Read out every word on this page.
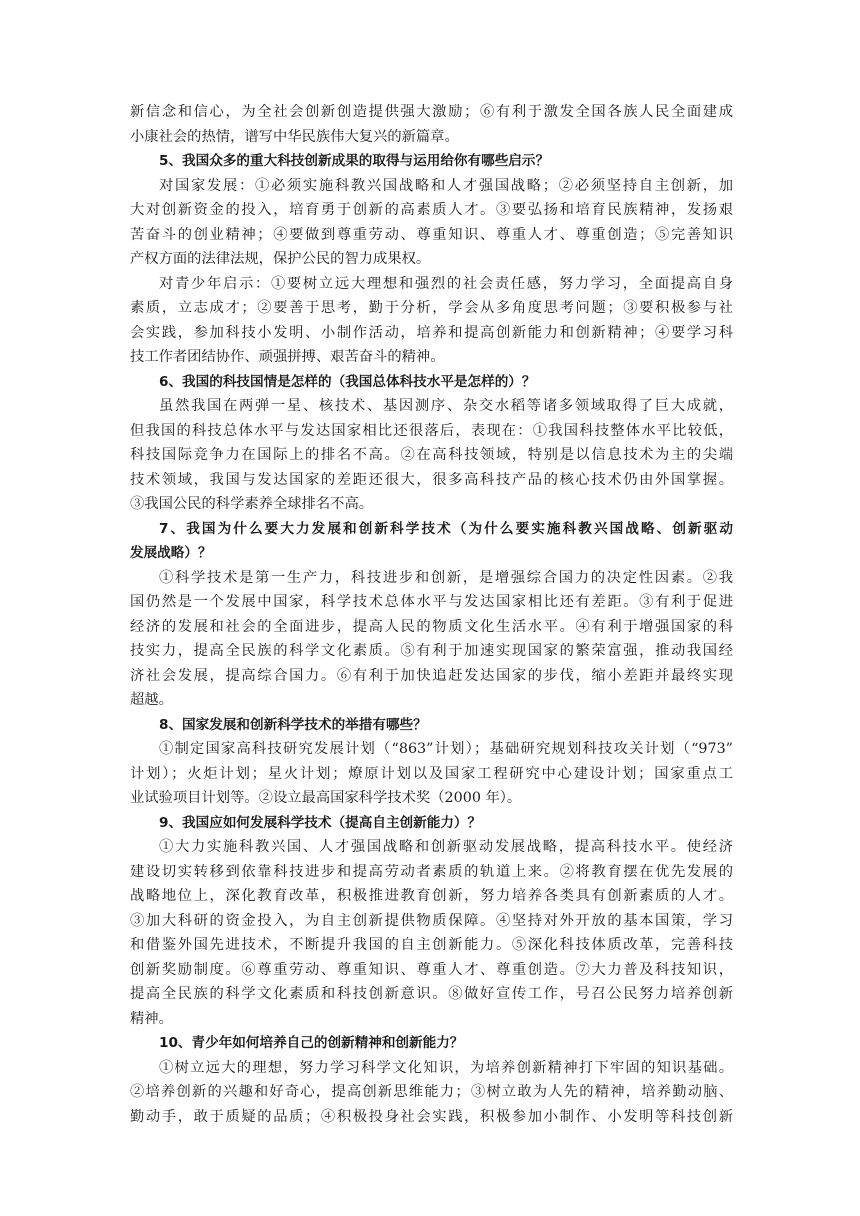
新信念和信心，为全社会创新创造提供强大激励；⑥有利于激发全国各族人民全面建成
小康社会的热情，谱写中华民族伟大复兴的新篇章。
5、我国众多的重大科技创新成果的取得与运用给你有哪些启示？
对国家发展：①必须实施科教兴国战略和人才强国战略；②必须坚持自主创新，加
大对创新资金的投入，培育勇于创新的高素质人才。③要弘扬和培育民族精神，发扬艰
苦奋斗的创业精神；④要做到尊重劳动、尊重知识、尊重人才、尊重创造；⑤完善知识
产权方面的法律法规，保护公民的智力成果权。
对青少年启示：①要树立远大理想和强烈的社会责任感，努力学习，全面提高自身
素质，立志成才；②要善于思考，勤于分析，学会从多角度思考问题；③要积极参与社
会实践，参加科技小发明、小制作活动，培养和提高创新能力和创新精神；④要学习科
技工作者团结协作、顽强拼搏、艰苦奋斗的精神。
6、我国的科技国情是怎样的（我国总体科技水平是怎样的）？
虽然我国在两弹一星、核技术、基因测序、杂交水稻等诸多领域取得了巨大成就，
但我国的科技总体水平与发达国家相比还很落后，表现在：①我国科技整体水平比较低，
科技国际竞争力在国际上的排名不高。②在高科技领域，特别是以信息技术为主的尖端
技术领域，我国与发达国家的差距还很大，很多高科技产品的核心技术仍由外国掌握。
③我国公民的科学素养全球排名不高。
7、我国为什么要大力发展和创新科学技术（为什么要实施科教兴国战略、创新驱动
发展战略）？
①科学技术是第一生产力，科技进步和创新，是增强综合国力的决定性因素。②我
国仍然是一个发展中国家，科学技术总体水平与发达国家相比还有差距。③有利于促进
经济的发展和社会的全面进步，提高人民的物质文化生活水平。④有利于增强国家的科
技实力，提高全民族的科学文化素质。⑤有利于加速实现国家的繁荣富强，推动我国经
济社会发展，提高综合国力。⑥有利于加快追赶发达国家的步伐，缩小差距并最终实现
超越。
8、国家发展和创新科学技术的举措有哪些？
①制定国家高科技研究发展计划（“863”计划）；基础研究规划科技攻关计划（“973”
计划）；火炬计划；星火计划；燎原计划以及国家工程研究中心建设计划；国家重点工
业试验项目计划等。②设立最高国家科学技术奖（2000 年）。
9、我国应如何发展科学技术（提高自主创新能力）？
①大力实施科教兴国、人才强国战略和创新驱动发展战略，提高科技水平。使经济
建设切实转移到依靠科技进步和提高劳动者素质的轨道上来。②将教育摆在优先发展的
战略地位上，深化教育改革，积极推进教育创新，努力培养各类具有创新素质的人才。
③加大科研的资金投入，为自主创新提供物质保障。④坚持对外开放的基本国策，学习
和借鉴外国先进技术，不断提升我国的自主创新能力。⑤深化科技体质改革，完善科技
创新奖励制度。⑥尊重劳动、尊重知识、尊重人才、尊重创造。⑦大力普及科技知识，
提高全民族的科学文化素质和科技创新意识。⑧做好宣传工作，号召公民努力培养创新
精神。
10、青少年如何培养自己的创新精神和创新能力？
①树立远大的理想，努力学习科学文化知识，为培养创新精神打下牢固的知识基础。
②培养创新的兴趣和好奇心，提高创新思维能力；③树立敢为人先的精神，培养勤动脑、
勤动手，敢于质疑的品质；④积极投身社会实践，积极参加小制作、小发明等科技创新
